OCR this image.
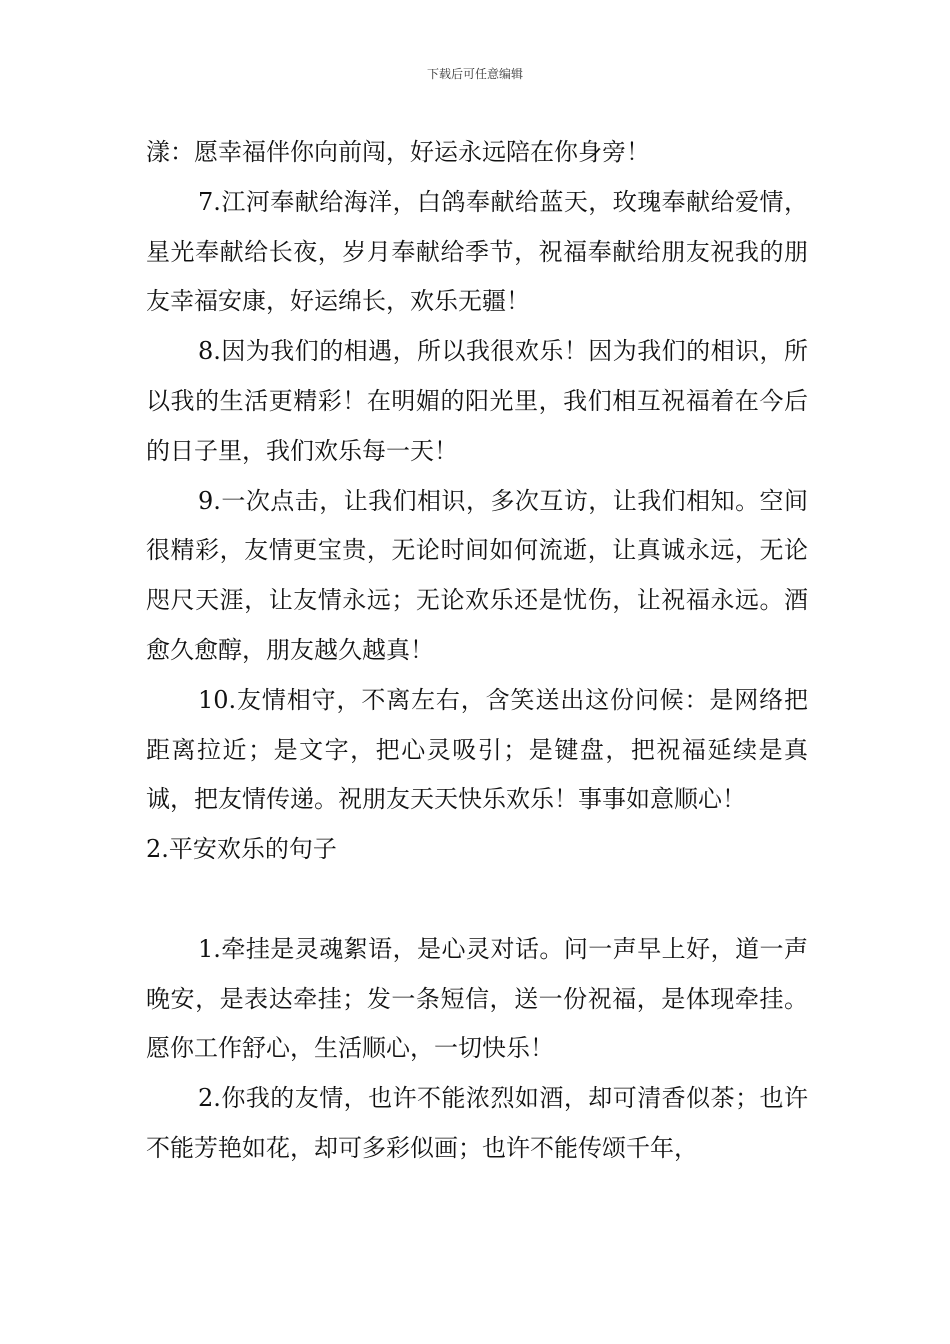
下载后可任意编辑

漾：愿幸福伴你向前闯，好运永远陪在你身旁！

7.江河奉献给海洋，白鸽奉献给蓝天，玫瑰奉献给爱情，星光奉献给长夜，岁月奉献给季节，祝福奉献给朋友祝我的朋友幸福安康，好运绵长，欢乐无疆！

8.因为我们的相遇，所以我很欢乐！因为我们的相识，所以我的生活更精彩！在明媚的阳光里，我们相互祝福着在今后的日子里，我们欢乐每一天！

9.一次点击，让我们相识，多次互访，让我们相知。空间很精彩，友情更宝贵，无论时间如何流逝，让真诚永远，无论咫尺天涯，让友情永远；无论欢乐还是忧伤，让祝福永远。酒愈久愈醇，朋友越久越真！

10.友情相守，不离左右，含笑送出这份问候：是网络把距离拉近；是文字，把心灵吸引；是键盘，把祝福延续是真诚，把友情传递。祝朋友天天快乐欢乐！事事如意顺心！

2.平安欢乐的句子

1.牵挂是灵魂絮语，是心灵对话。问一声早上好，道一声晚安，是表达牵挂；发一条短信，送一份祝福，是体现牵挂。愿你工作舒心，生活顺心，一切快乐！

2.你我的友情，也许不能浓烈如酒，却可清香似茶；也许不能芳艳如花，却可多彩似画；也许不能传颂千年，
